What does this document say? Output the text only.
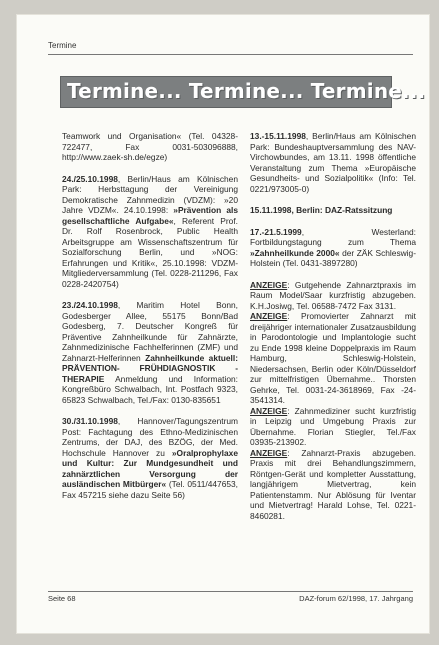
Termine
Termine... Termine... Termine...

Teamwork und Organisation« (Tel. 04328-722477, Fax 0031-503096888, http://www.zaek-sh.de/egze)

24./25.10.1998, Berlin/Haus am Kölnischen Park: Herbsttagung der Vereinigung Demokratische Zahnmedizin (VDZM): »20 Jahre VDZM«. 24.10.1998: »Prävention als gesellschaftliche Aufgabe«, Referent Prof. Dr. Rolf Rosenbrock, Public Health Arbeitsgruppe am Wissenschaftszentrum für Sozialforschung Berlin, und »NOG: Erfahrungen und Kritik«, 25.10.1998: VDZM-Mitgliederversammlung (Tel. 0228-211296, Fax 0228-2420754)

23./24.10.1998, Maritim Hotel Bonn, Godesberger Allee, 55175 Bonn/Bad Godesberg, 7. Deutscher Kongreß für Präventive Zahnheilkunde für Zahnärzte, Zahnmedizinische Fachhelferinnen (ZMF) und Zahnarzt-Helferinnen Zahnheilkunde aktuell: PRÄVENTION- FRÜHDIAGNOSTIK - THERAPIE Anmeldung und Information: Kongreßbüro Schwalbach, Int. Postfach 9323, 65823 Schwalbach, Tel./Fax: 0130-835651

30./31.10.1998, Hannover/Tagungszentrum Post: Fachtagung des Ethno-Medizinischen Zentrums, der DAJ, des BZÖG, der Med. Hochschule Hannover zu »Oralprophylaxe und Kultur: Zur Mundgesundheit und zahnärztlichen Versorgung der ausländischen Mitbürger« (Tel. 0511/447653, Fax 457215 siehe dazu Seite 56)

13.-15.11.1998, Berlin/Haus am Kölnischen Park: Bundeshauptversammlung des NAV-Virchowbundes, am 13.11. 1998 öffentliche Veranstaltung zum Thema »Europäische Gesundheits- und Sozialpolitik« (Info: Tel. 0221/973005-0)

15.11.1998, Berlin: DAZ-Ratssitzung

17.-21.5.1999, Westerland: Fortbildungstagung zum Thema »Zahnheilkunde 2000« der ZÄK Schleswig-Holstein (Tel. 0431-3897280)

ANZEIGE: Gutgehende Zahnarztpraxis im Raum Model/Saar kurzfristig abzugeben. K.H.Josiwg, Tel. 06588-7472 Fax 3131.

ANZEIGE: Promovierter Zahnarzt mit dreijähriger internationaler Zusatzausbildung in Parodontologie und Implantologie sucht zu Ende 1998 kleine Doppelpraxis im Raum Hamburg, Schleswig-Holstein, Niedersachsen, Berlin oder Köln/Düsseldorf zur mittelfristigen Übernahme.. Thorsten Gehrke, Tel. 0031-24-3618969, Fax -24-3541314.

ANZEIGE: Zahnmediziner sucht kurzfristig in Leipzig und Umgebung Praxis zur Übernahme. Florian Stiegler, Tel./Fax 03935-213902.

ANZEIGE: Zahnarzt-Praxis abzugeben. Praxis mit drei Behandlungszimmern, Röntgen-Gerät und kompletter Ausstattung, langjährigem Mietvertrag, kein Patientenstamm. Nur Ablösung für Iventar und Mietvertrag! Harald Lohse, Tel. 0221-8460281.

Seite 68	DAZ-forum 62/1998, 17. Jahrgang
